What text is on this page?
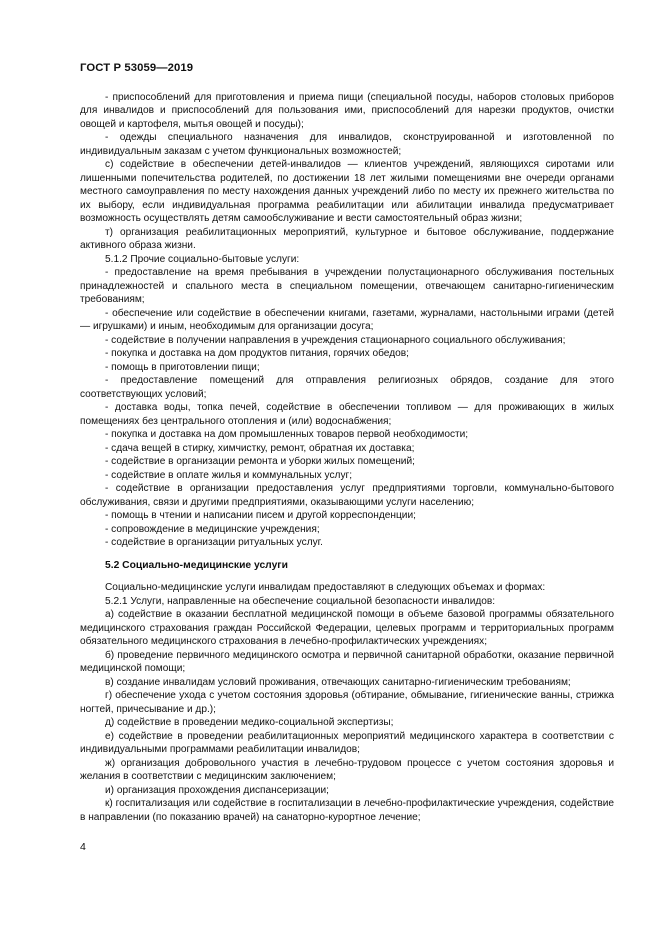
ГОСТ Р 53059—2019

- приспособлений для приготовления и приема пищи (специальной посуды, наборов столовых приборов для инвалидов и приспособлений для пользования ими, приспособлений для нарезки продуктов, очистки овощей и картофеля, мытья овощей и посуды);

- одежды специального назначения для инвалидов, сконструированной и изготовленной по индивидуальным заказам с учетом функциональных возможностей;

с) содействие в обеспечении детей-инвалидов — клиентов учреждений, являющихся сиротами или лишенными попечительства родителей, по достижении 18 лет жилыми помещениями вне очереди органами местного самоуправления по месту нахождения данных учреждений либо по месту их прежнего жительства по их выбору, если индивидуальная программа реабилитации или абилитации инвалида предусматривает возможность осуществлять детям самообслуживание и вести самостоятельный образ жизни;

т) организация реабилитационных мероприятий, культурное и бытовое обслуживание, поддержание активного образа жизни.

5.1.2 Прочие социально-бытовые услуги:

- предоставление на время пребывания в учреждении полустационарного обслуживания постельных принадлежностей и спального места в специальном помещении, отвечающем санитарно-гигиеническим требованиям;

- обеспечение или содействие в обеспечении книгами, газетами, журналами, настольными играми (детей — игрушками) и иным, необходимым для организации досуга;

- содействие в получении направления в учреждения стационарного социального обслуживания;

- покупка и доставка на дом продуктов питания, горячих обедов;

- помощь в приготовлении пищи;

- предоставление помещений для отправления религиозных обрядов, создание для этого соответствующих условий;

- доставка воды, топка печей, содействие в обеспечении топливом — для проживающих в жилых помещениях без центрального отопления и (или) водоснабжения;

- покупка и доставка на дом промышленных товаров первой необходимости;

- сдача вещей в стирку, химчистку, ремонт, обратная их доставка;

- содействие в организации ремонта и уборки жилых помещений;

- содействие в оплате жилья и коммунальных услуг;

- содействие в организации предоставления услуг предприятиями торговли, коммунально-бытового обслуживания, связи и другими предприятиями, оказывающими услуги населению;

- помощь в чтении и написании писем и другой корреспонденции;

- сопровождение в медицинские учреждения;

- содействие в организации ритуальных услуг.

5.2 Социально-медицинские услуги

Социально-медицинские услуги инвалидам предоставляют в следующих объемах и формах:

5.2.1 Услуги, направленные на обеспечение социальной безопасности инвалидов:

а) содействие в оказании бесплатной медицинской помощи в объеме базовой программы обязательного медицинского страхования граждан Российской Федерации, целевых программ и территориальных программ обязательного медицинского страхования в лечебно-профилактических учреждениях;

б) проведение первичного медицинского осмотра и первичной санитарной обработки, оказание первичной медицинской помощи;

в) создание инвалидам условий проживания, отвечающих санитарно-гигиеническим требованиям;

г) обеспечение ухода с учетом состояния здоровья (обтирание, обмывание, гигиенические ванны, стрижка ногтей, причесывание и др.);

д) содействие в проведении медико-социальной экспертизы;

е) содействие в проведении реабилитационных мероприятий медицинского характера в соответствии с индивидуальными программами реабилитации инвалидов;

ж) организация добровольного участия в лечебно-трудовом процессе с учетом состояния здоровья и желания в соответствии с медицинским заключением;

и) организация прохождения диспансеризации;

к) госпитализация или содействие в госпитализации в лечебно-профилактические учреждения, содействие в направлении (по показанию врачей) на санаторно-курортное лечение;

4
